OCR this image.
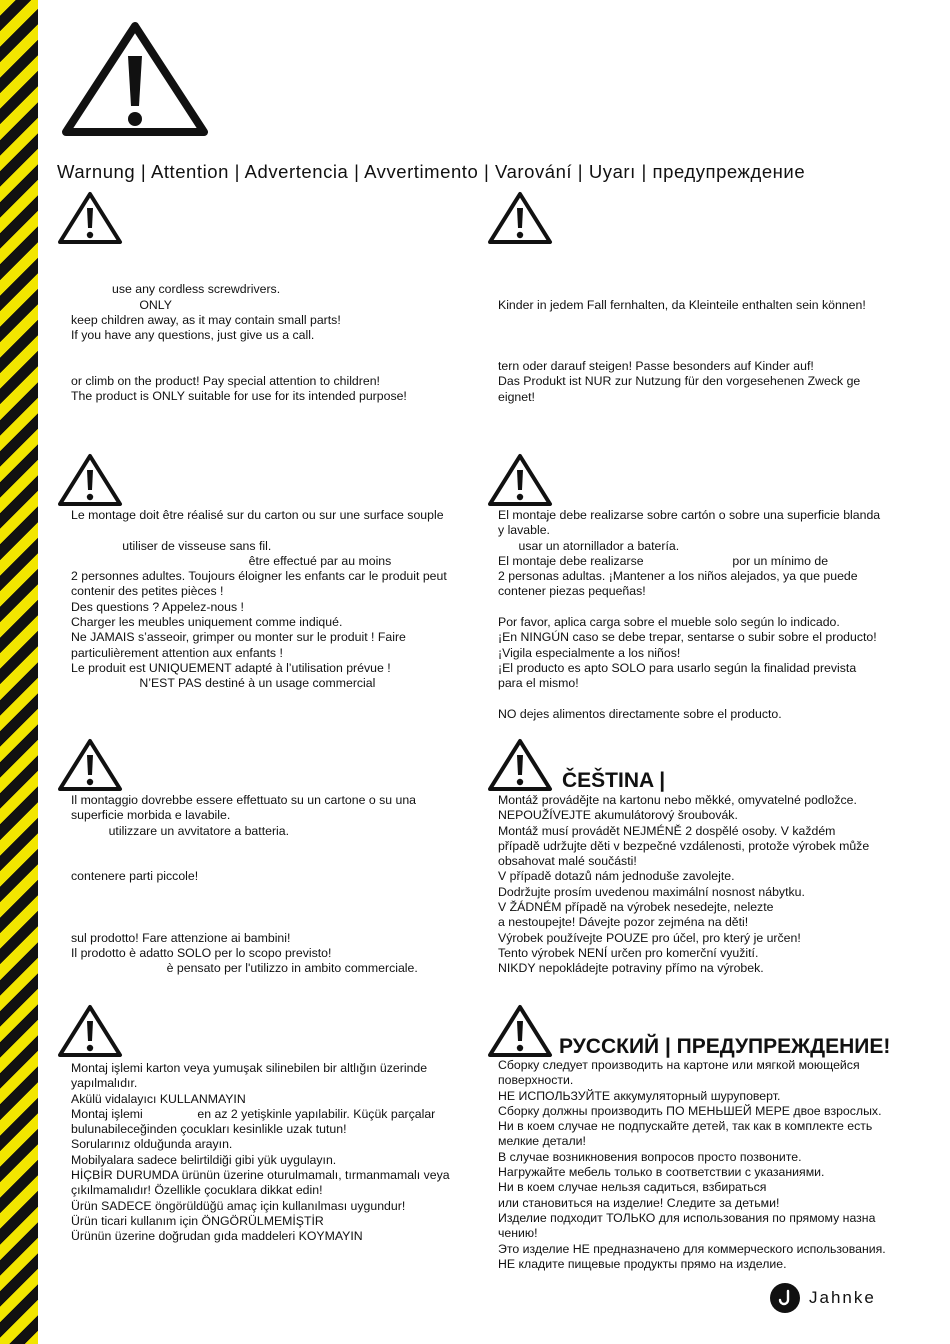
Warnung | Attention | Advertencia | Avvertimento | Varování | Uyarı | предупреждение
ČEŠTINA |
РУССКИЙ | ПРЕДУПРЕЖДЕНИЕ!
use any cordless screwdrivers.
ONLY
keep children away, as it may contain small parts!
If you have any questions, just give us a call.
or climb on the product! Pay special attention to children!
The product is ONLY suitable for use for its intended purpose!
Kinder in jedem Fall fernhalten, da Kleinteile enthalten sein können!
tern oder darauf steigen! Passe besonders auf Kinder auf!
Das Produkt ist NUR zur Nutzung für den vorgesehenen Zweck ge
eignet!
Le montage doit être réalisé sur du carton ou sur une surface souple
utiliser de visseuse sans fil.
être effectué par au moins
2 personnes adultes. Toujours éloigner les enfants car le produit peut
contenir des petites pièces !
Des questions ? Appelez-nous !
Charger les meubles uniquement comme indiqué.
Ne JAMAIS s’asseoir, grimper ou monter sur le produit ! Faire
particulièrement attention aux enfants !
Le produit est UNIQUEMENT adapté à l’utilisation prévue !
N’EST PAS destiné à un usage commercial
El montaje debe realizarse sobre cartón o sobre una superficie blanda
y lavable.
usar un atornillador a batería.
El montaje debe realizarse                          por un mínimo de
2 personas adultas. ¡Mantener a los niños alejados, ya que puede
contener piezas pequeñas!
Por favor, aplica carga sobre el mueble solo según lo indicado.
¡En NINGÚN caso se debe trepar, sentarse o subir sobre el producto!
¡Vigila especialmente a los niños!
¡El producto es apto SOLO para usarlo según la finalidad prevista
para el mismo!
NO dejes alimentos directamente sobre el producto.
Il montaggio dovrebbe essere effettuato su un cartone o su una
superficie morbida e lavabile.
utilizzare un avvitatore a batteria.
contenere parti piccole!
sul prodotto! Fare attenzione ai bambini!
Il prodotto è adatto SOLO per lo scopo previsto!
è pensato per l'utilizzo in ambito commerciale.
Montáž provádějte na kartonu nebo měkké, omyvatelné podložce.
NEPOUŽÍVEJTE akumulátorový šroubovák.
Montáž musí provádět NEJMÉNĚ 2 dospělé osoby. V každém
případě udržujte děti v bezpečné vzdálenosti, protože výrobek může
obsahovat malé součásti!
V případě dotazů nám jednoduše zavolejte.
Dodržujte prosím uvedenou maximální nosnost nábytku.
V ŽÁDNÉM případě na výrobek nesedejte, nelezte
a nestoupejte! Dávejte pozor zejména na děti!
Výrobek používejte POUZE pro účel, pro který je určen!
Tento výrobek NENÍ určen pro komerční využití.
NIKDY nepokládejte potraviny přímo na výrobek.
Montaj işlemi karton veya yumuşak silinebilen bir altlığın üzerinde
yapılmalıdır.
Akülü vidalayıcı KULLANMAYIN
Montaj işlemi                en az 2 yetişkinle yapılabilir. Küçük parçalar
bulunabileceğinden çocukları kesinlikle uzak tutun!
Sorularınız olduğunda arayın.
Mobilyalara sadece belirtildiği gibi yük uygulayın.
HİÇBİR DURUMDA ürünün üzerine oturulmamalı, tırmanmamalı veya
çıkılmamalıdır! Özellikle çocuklara dikkat edin!
Ürün SADECE öngörüldüğü amaç için kullanılması uygundur!
Ürün ticari kullanım için ÖNGÖRÜLMEMİŞTİR
Ürünün üzerine doğrudan gıda maddeleri KOYMAYIN
Сборку следует производить на картоне или мягкой моющейся
поверхности.
НЕ ИСПОЛЬЗУЙТЕ аккумуляторный шуруповерт.
Сборку должны производить ПО МЕНЬШЕЙ МЕРЕ двое взрослых.
Ни в коем случае не подпускайте детей, так как в комплекте есть
мелкие детали!
В случае возникновения вопросов просто позвоните.
Нагружайте мебель только в соответствии с указаниями.
Ни в коем случае нельзя садиться, взбираться
или становиться на изделие! Следите за детьми!
Изделие подходит ТОЛЬКО для использования по прямому назна
чению!
Это изделие НЕ предназначено для коммерческого использования.
НЕ кладите пищевые продукты прямо на изделие.
Jahnke
